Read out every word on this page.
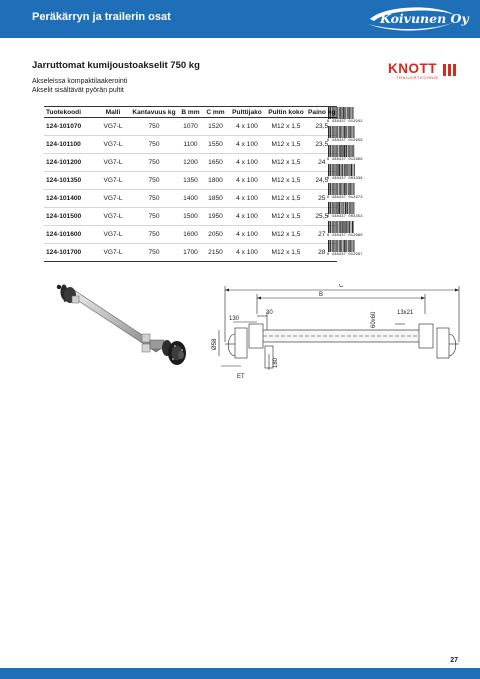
Peräkärryn ja trailerin osat	Koivunen Oy
Jarruttomat kumijoustoakselit 750 kg
Akseleissa kompaktilaakerointi
Akselit sisältävät pyörän pultit
KNOTT
TRAILERTECHNIK
Tuotekoodi	Malli	Kantavuus kg	B mm	C mm	Pulttijako	Pultin koko	Paino kg
124-101070	VG7-L	750	1070	1520	4 x 100	M12 x 1,5	23,5
124-101100	VG7-L	750	1100	1550	4 x 100	M12 x 1,5	23,5
124-101200	VG7-L	750	1200	1650	4 x 100	M12 x 1,5	24
124-101350	VG7-L	750	1350	1800	4 x 100	M12 x 1,5	24,5
124-101400	VG7-L	750	1400	1850	4 x 100	M12 x 1,5	25
124-101500	VG7-L	750	1500	1950	4 x 100	M12 x 1,5	25,5
124-101600	VG7-L	750	1600	2050	4 x 100	M12 x 1,5	27
124-101700	VG7-L	750	1700	2150	4 x 100	M12 x 1,5	28
6 438437 012942
6 438437 012959
6 438437 012966
6 438437 003339
6 438437 012973
6 438437 003353
6 438437 012980
6 438437 012997
C
B
30
130	60x60	13x21
Ø58
180
ET
27
